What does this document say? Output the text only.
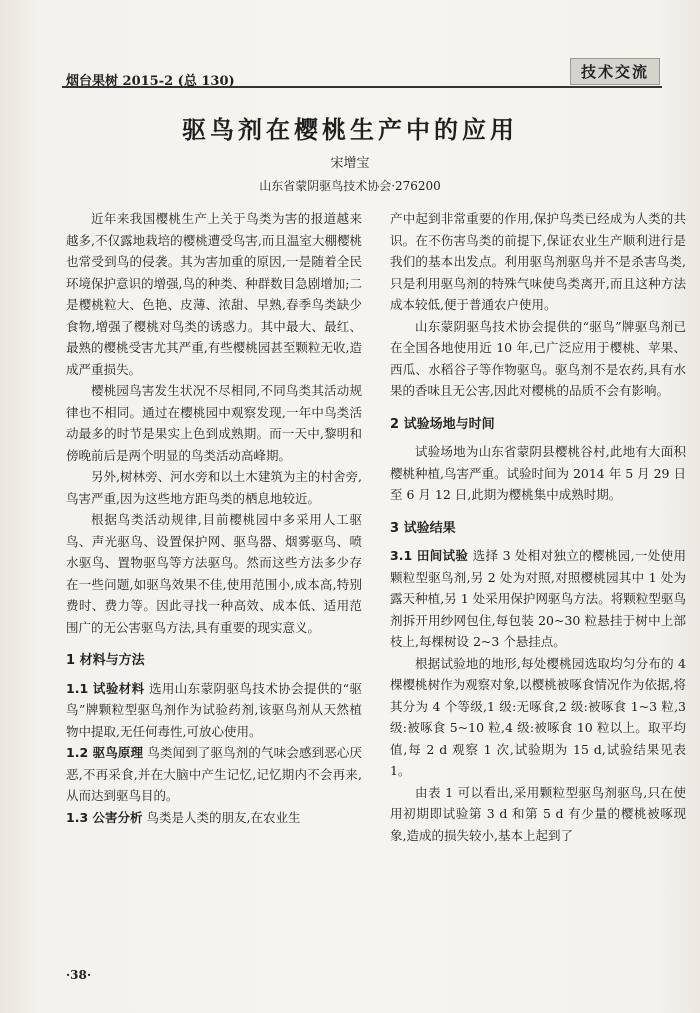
烟台果树 2015-2 (总 130)
技术交流
驱鸟剂在樱桃生产中的应用
宋增宝
山东省蒙阴驱鸟技术协会·276200

近年来我国樱桃生产上关于鸟类为害的报道越来越多,不仅露地栽培的樱桃遭受鸟害,而且温室大棚樱桃也常受到鸟的侵袭。其为害加重的原因,一是随着全民环境保护意识的增强,鸟的种类、种群数目急剧增加;二是樱桃粒大、色艳、皮薄、浓甜、早熟,春季鸟类缺少食物,增强了樱桃对鸟类的诱惑力。其中最大、最红、最熟的樱桃受害尤其严重,有些樱桃园甚至颗粒无收,造成严重损失。

樱桃园鸟害发生状况不尽相同,不同鸟类其活动规律也不相同。通过在樱桃园中观察发现,一年中鸟类活动最多的时节是果实上色到成熟期。而一天中,黎明和傍晚前后是两个明显的鸟类活动高峰期。

另外,树林旁、河水旁和以土木建筑为主的村舍旁,鸟害严重,因为这些地方距鸟类的栖息地较近。

根据鸟类活动规律,目前樱桃园中多采用人工驱鸟、声光驱鸟、设置保护网、驱鸟器、烟雾驱鸟、喷水驱鸟、置物驱鸟等方法驱鸟。然而这些方法多少存在一些问题,如驱鸟效果不佳,使用范围小,成本高,特别费时、费力等。因此寻找一种高效、成本低、适用范围广的无公害驱鸟方法,具有重要的现实意义。

1 材料与方法

1.1 试验材料 选用山东蒙阴驱鸟技术协会提供的“驱鸟”牌颗粒型驱鸟剂作为试验药剂,该驱鸟剂从天然植物中提取,无任何毒性,可放心使用。

1.2 驱鸟原理 鸟类闻到了驱鸟剂的气味会感到恶心厌恶,不再采食,并在大脑中产生记忆,记忆期内不会再来,从而达到驱鸟目的。

1.3 公害分析 鸟类是人类的朋友,在农业生

产中起到非常重要的作用,保护鸟类已经成为人类的共识。在不伤害鸟类的前提下,保证农业生产顺利进行是我们的基本出发点。利用驱鸟剂驱鸟并不是杀害鸟类,只是利用驱鸟剂的特殊气味使鸟类离开,而且这种方法成本较低,便于普通农户使用。

山东蒙阴驱鸟技术协会提供的“驱鸟”牌驱鸟剂已在全国各地使用近 10 年,已广泛应用于樱桃、苹果、西瓜、水稻谷子等作物驱鸟。驱鸟剂不是农药,具有水果的香味且无公害,因此对樱桃的品质不会有影响。

2 试验场地与时间

试验场地为山东省蒙阴县樱桃谷村,此地有大面积樱桃种植,鸟害严重。试验时间为 2014 年 5 月 29 日至 6 月 12 日,此期为樱桃集中成熟时期。

3 试验结果

3.1 田间试验 选择 3 处相对独立的樱桃园,一处使用颗粒型驱鸟剂,另 2 处为对照,对照樱桃园其中 1 处为露天种植,另 1 处采用保护网驱鸟方法。将颗粒型驱鸟剂拆开用纱网包住,每包装 20~30 粒悬挂于树中上部枝上,每棵树设 2~3 个悬挂点。

根据试验地的地形,每处樱桃园选取均匀分布的 4 棵樱桃树作为观察对象,以樱桃被啄食情况作为依据,将其分为 4 个等级,1 级:无啄食,2 级:被啄食 1~3 粒,3 级:被啄食 5~10 粒,4 级:被啄食 10 粒以上。取平均值,每 2 d 观察 1 次,试验期为 15 d,试验结果见表 1。

由表 1 可以看出,采用颗粒型驱鸟剂驱鸟,只在使用初期即试验第 3 d 和第 5 d 有少量的樱桃被啄现象,造成的损失较小,基本上起到了

·38·
